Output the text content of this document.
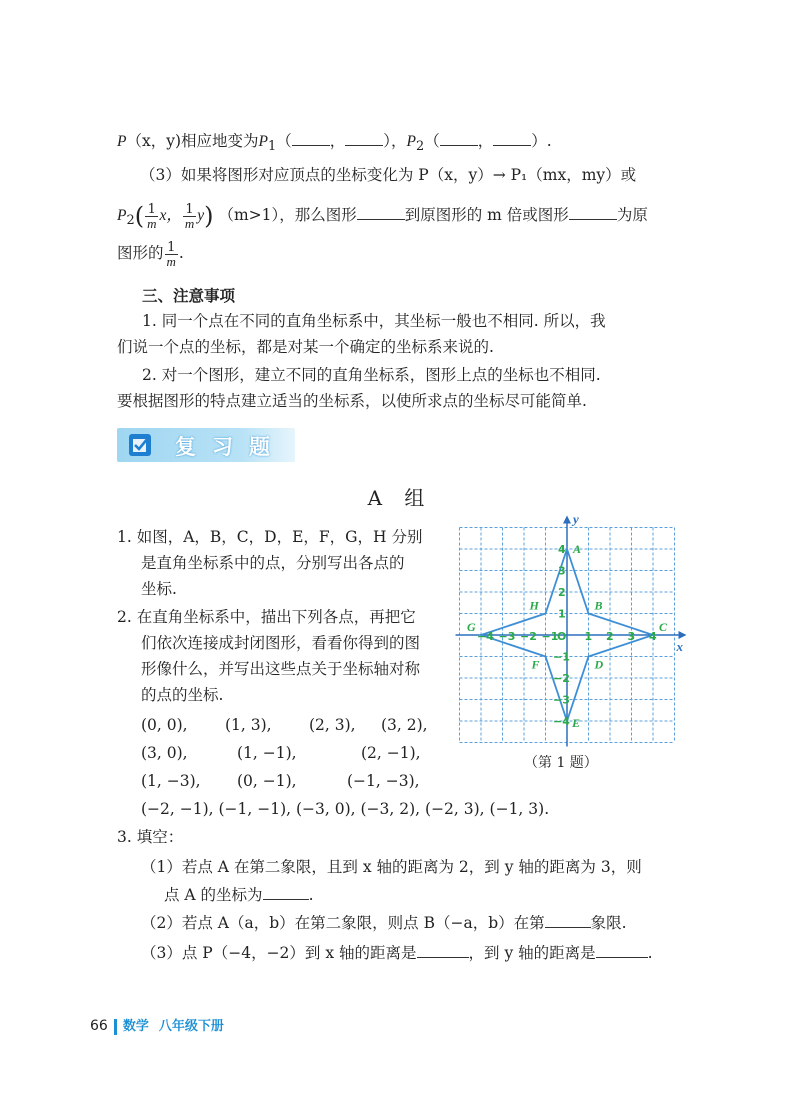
P（x，y)相应地变为$P_1$（ ， ），$P_2$（ ， ）.
（3）如果将图形对应顶点的坐标变化为 P（x，y）→ P₁（mx，my）或
$P_2( \frac{1}{m}$ x， $\frac{1}{m} y$) （m>1），那么图形	到原图形的 m 倍或图形	为原
图形的 $\frac{1}{m}$ .
三、注意事项
1. 同一个点在不同的直角坐标系中，其坐标一般也不相同. 所以，我
们说一个点的坐标，都是对某一个确定的坐标系来说的.
2. 对一个图形，建立不同的直角坐标系，图形上点的坐标也不相同.
要根据图形的特点建立适当的坐标系，以使所求点的坐标尽可能简单.
复习题
A 组
1. 如图，A，B，C，D，E，F，G，H 分别
是直角坐标系中的点，分别写出各点的
坐标.
2. 在直角坐标系中，描出下列各点，再把它
们依次连接成封闭图形，看看你得到的图
形像什么，并写出这些点关于坐标轴对称
的点的坐标.
(0, 0), (1, 3), (2, 3), (3, 2),
(3, 0),	(1, −1),	(2, −1),
(1, −3), (0, −1),	(−1, −3),
(−2, −1), (−1, −1), (−3, 0), (−3, 2), (−2, 3), (−1, 3).
3. 填空：
（1）若点 A 在第二象限，且到 x 轴的距离为 2，到 y 轴的距离为 3，则
点 A 的坐标为	.
（2）若点 A（a，b）在第二象限，则点 B（−a，b）在第	象限.
（3）点 P（−4，−2）到 x 轴的距离是	，到 y 轴的距离是	.
−4 −3 −2 −1 1 2 3 4
4
3
2
1
−1
−2
−3
−4
O
x
y
A
B
C
D
E
F
G
H
（第 1 题）
66 数学 八年级下册
